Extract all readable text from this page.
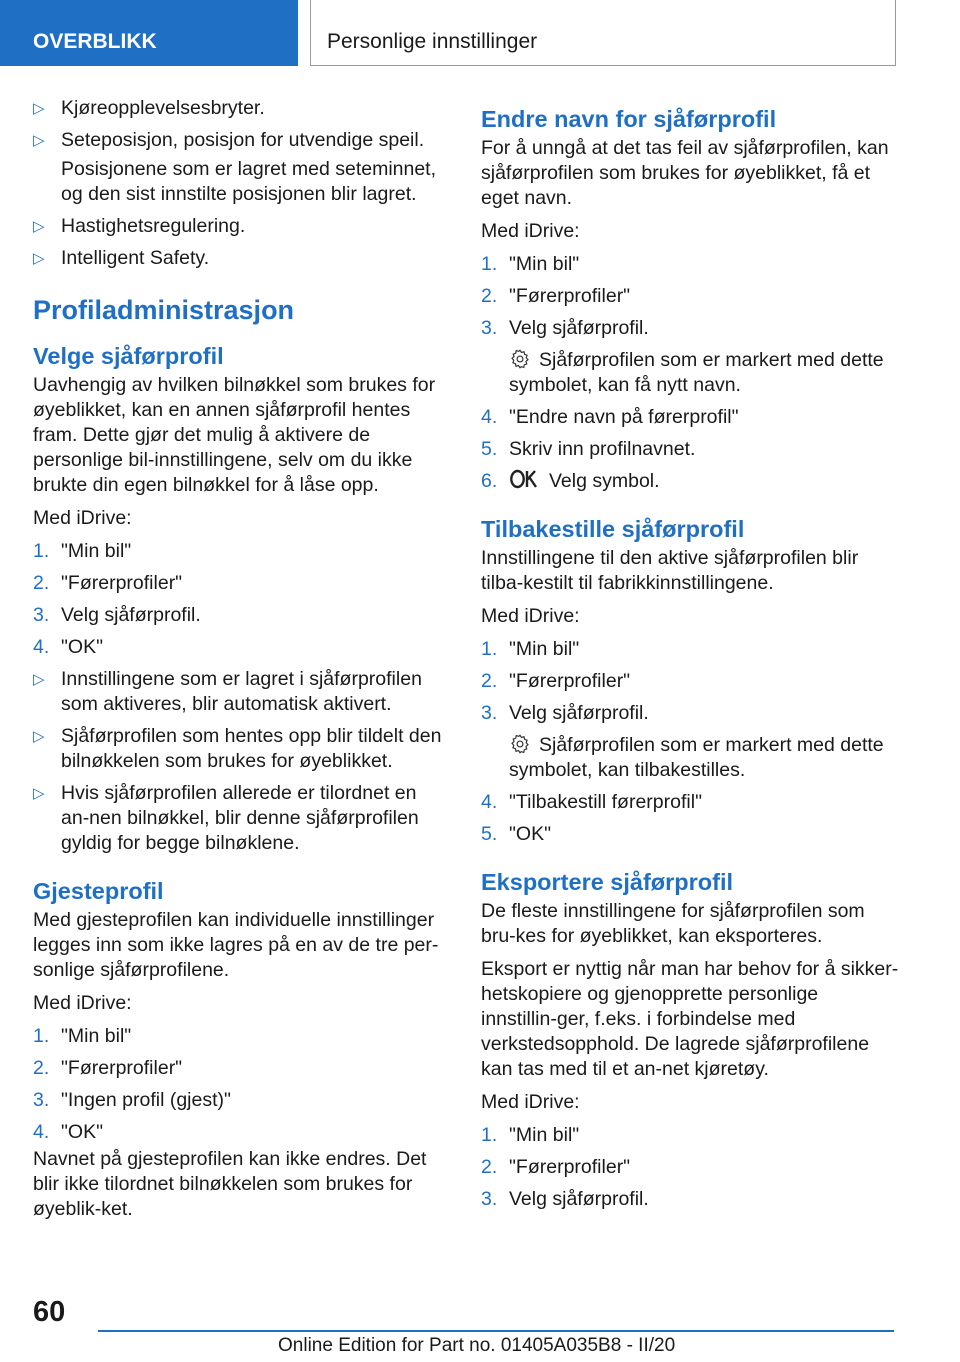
OVERBLIKK	Personlige innstillinger
▷ Kjøreopplevelsesbryter.
▷ Seteposisjon, posisjon for utvendige speil.

Posisjonene som er lagret med seteminnet, og den sist innstilte posisjonen blir lagret.

▷ Hastighetsregulering.
▷ Intelligent Safety.
Profiladministrasjon
Velge sjåførprofil

Uavhengig av hvilken bilnøkkel som brukes for øyeblikket, kan en annen sjåførprofil hentes fram. Dette gjør det mulig å aktivere de personlige bil-innstillingene, selv om du ikke brukte din egen bilnøkkel for å låse opp.

Med iDrive:

1. "Min bil"
2. "Førerprofiler"
3. Velg sjåførprofil.
4. "OK"
▷ Innstillingene som er lagret i sjåførprofilen som aktiveres, blir automatisk aktivert.
▷ Sjåførprofilen som hentes opp blir tildelt den bilnøkkelen som brukes for øyeblikket.
▷ Hvis sjåførprofilen allerede er tilordnet en an-nen bilnøkkel, blir denne sjåførprofilen gyldig for begge bilnøklene.
Gjesteprofil

Med gjesteprofilen kan individuelle innstillinger legges inn som ikke lagres på en av de tre per-sonlige sjåførprofilene.

Med iDrive:

1. "Min bil"
2. "Førerprofiler"
3. "Ingen profil (gjest)"
4. "OK"

Navnet på gjesteprofilen kan ikke endres. Det blir ikke tilordnet bilnøkkelen som brukes for øyeblik-ket.

Endre navn for sjåførprofil

For å unngå at det tas feil av sjåførprofilen, kan sjåførprofilen som brukes for øyeblikket, få et eget navn.

Med iDrive:

1. "Min bil"
2. "Førerprofiler"
3. Velg sjåførprofil.

Sjåførprofilen som er markert med dette symbolet, kan få nytt navn.

4. "Endre navn på førerprofil"
5. Skriv inn profilnavnet.
6.	Velg symbol.
Tilbakestille sjåførprofil

Innstillingene til den aktive sjåførprofilen blir tilba-kestilt til fabrikkinnstillingene.

Med iDrive:

1. "Min bil"
2. "Førerprofiler"
3. Velg sjåførprofil.

Sjåførprofilen som er markert med dette symbolet, kan tilbakestilles.

4. "Tilbakestill førerprofil"
5. "OK"
Eksportere sjåførprofil

De fleste innstillingene for sjåførprofilen som bru-kes for øyeblikket, kan eksporteres.

Eksport er nyttig når man har behov for å sikker-hetskopiere og gjenopprette personlige innstillin-ger, f.eks. i forbindelse med verkstedsopphold. De lagrede sjåførprofilene kan tas med til et an-net kjøretøy.

Med iDrive:

1. "Min bil"
2. "Førerprofiler"
3. Velg sjåførprofil.
60
Online Edition for Part no. 01405A035B8 - II/20
